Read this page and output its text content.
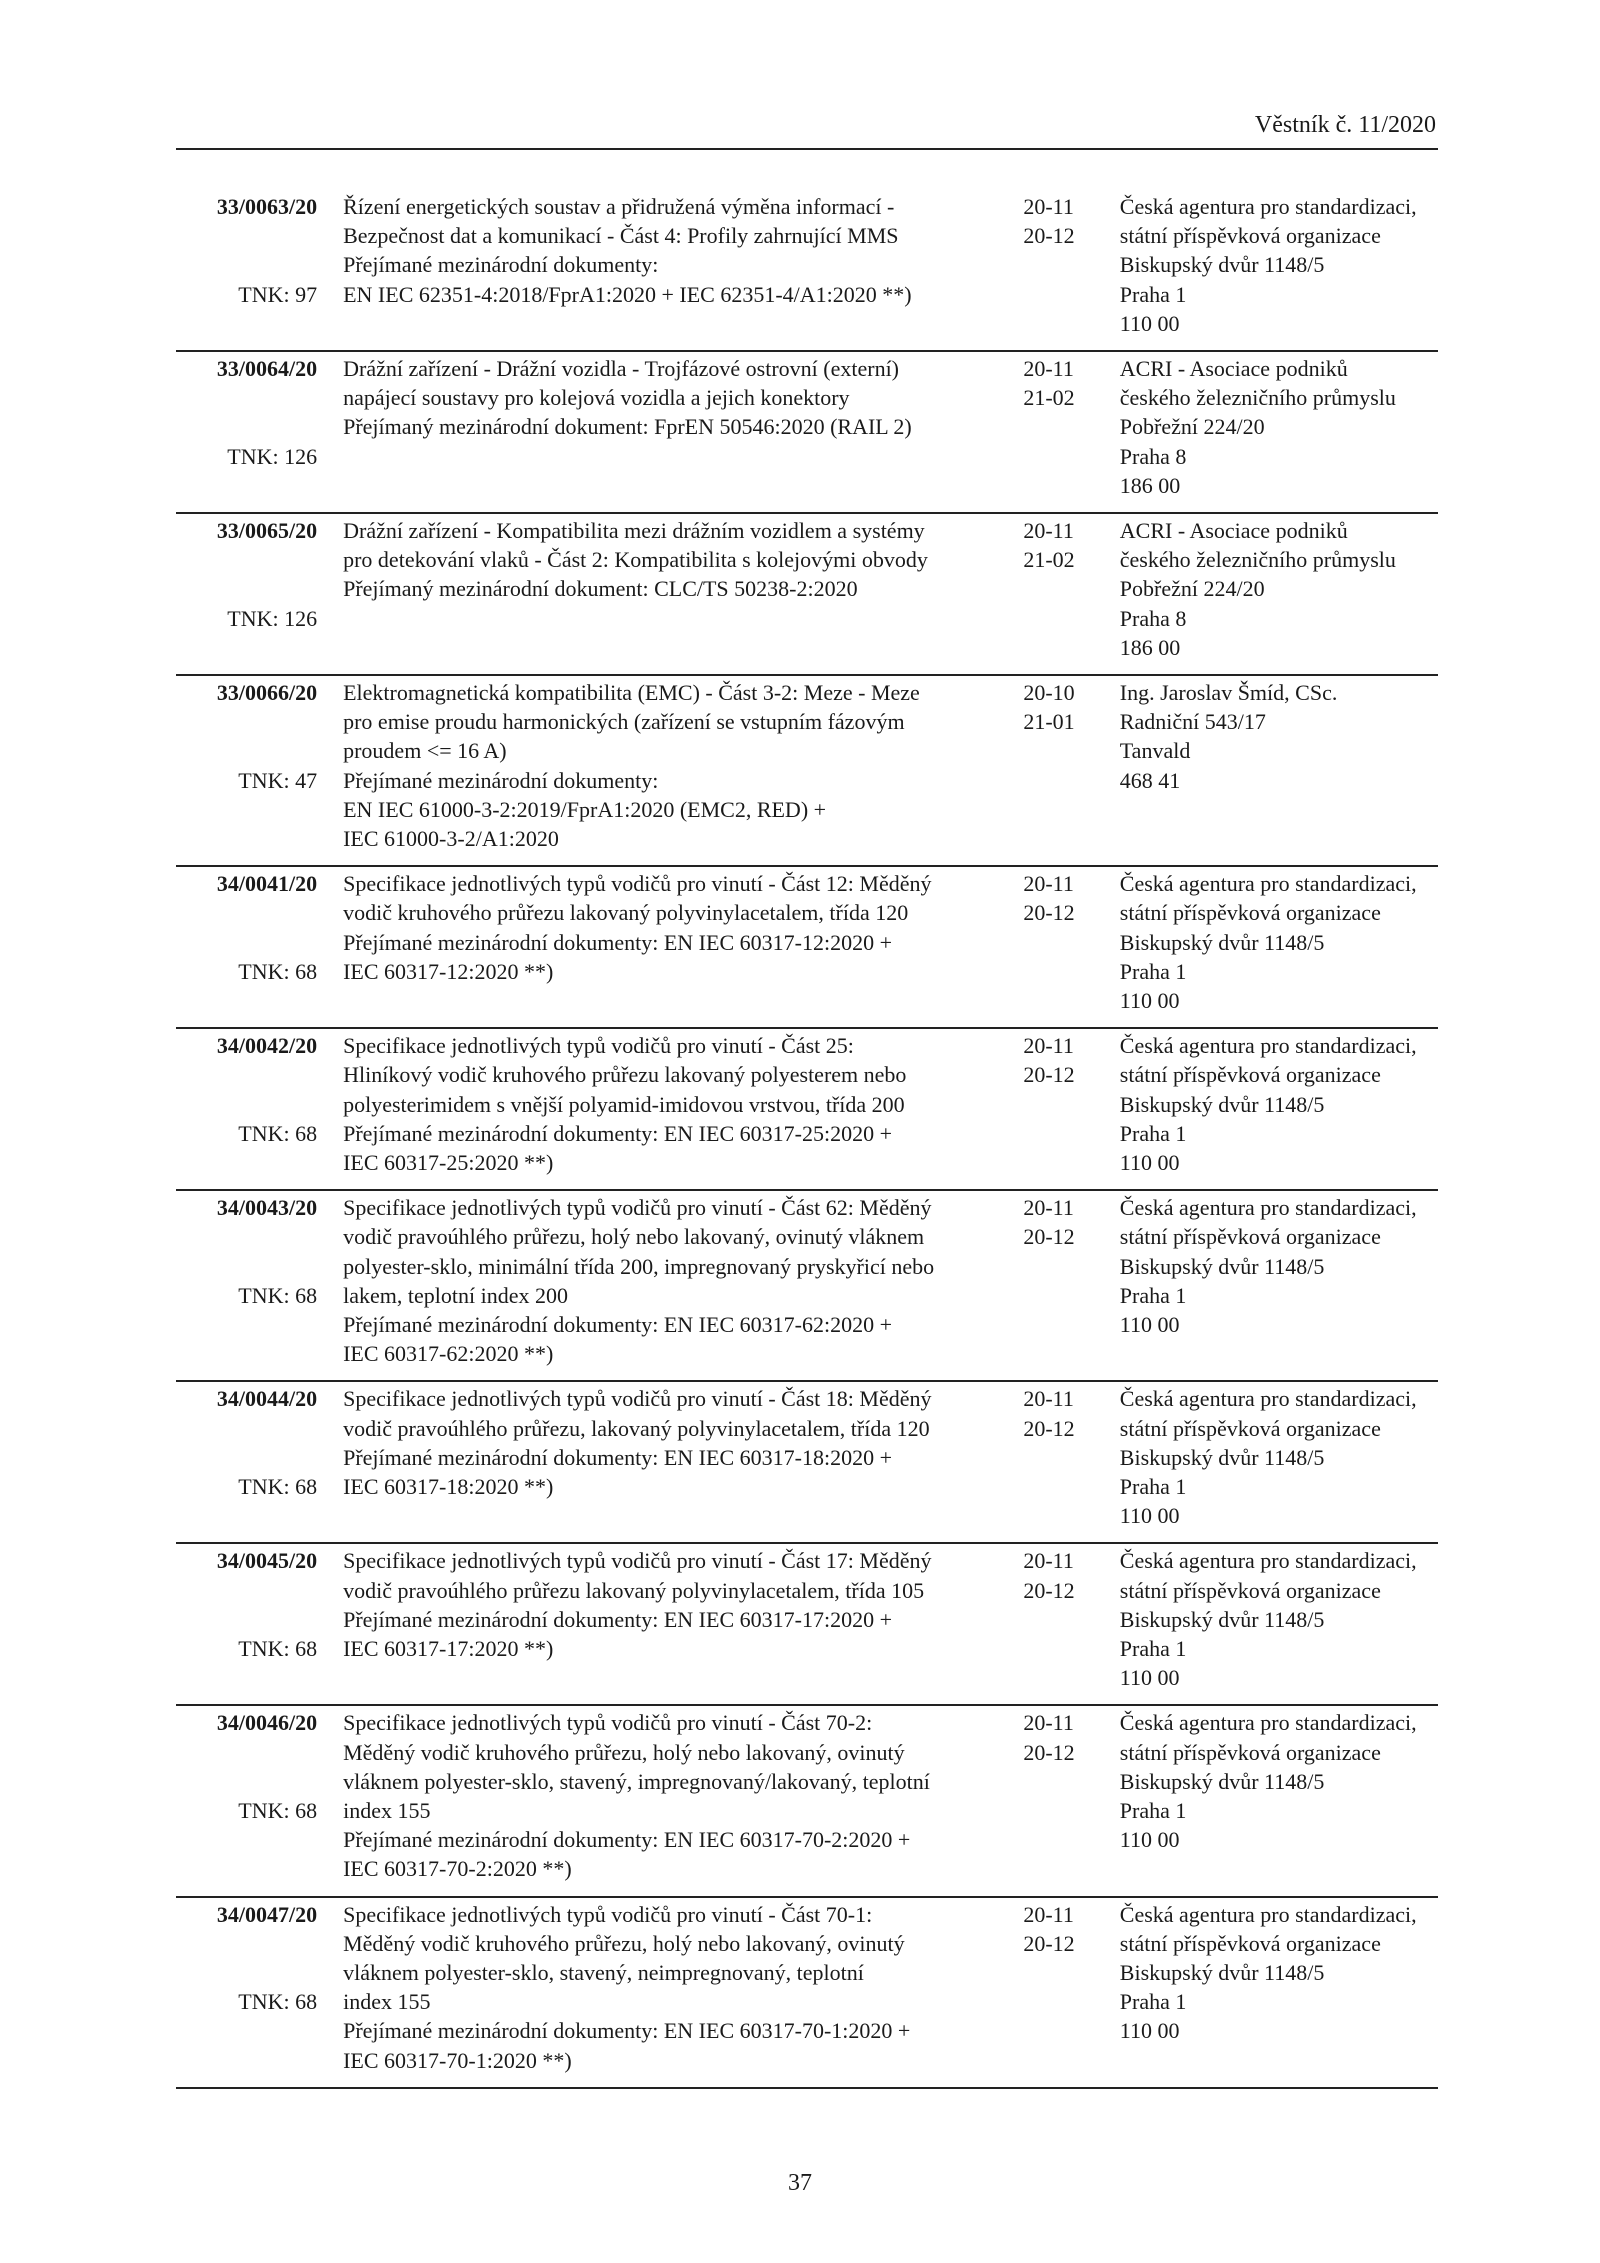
Věstník č. 11/2020
33/0063/20
TNK: 97
Řízení energetických soustav a přidružená výměna informací -
Bezpečnost dat a komunikací - Část 4: Profily zahrnující MMS
Přejímané mezinárodní dokumenty:
EN IEC 62351-4:2018/FprA1:2020 + IEC 62351-4/A1:2020 **)
20-11
20-12
Česká agentura pro standardizaci,
státní příspěvková organizace
Biskupský dvůr 1148/5
Praha 1
110 00
33/0064/20
TNK: 126
Drážní zařízení - Drážní vozidla - Trojfázové ostrovní (externí)
napájecí soustavy pro kolejová vozidla a jejich konektory
Přejímaný mezinárodní dokument: FprEN 50546:2020 (RAIL 2)
20-11
21-02
ACRI - Asociace podniků
českého železničního průmyslu
Pobřežní 224/20
Praha 8
186 00
33/0065/20
TNK: 126
Drážní zařízení - Kompatibilita mezi drážním vozidlem a systémy
pro detekování vlaků - Část 2: Kompatibilita s kolejovými obvody
Přejímaný mezinárodní dokument: CLC/TS 50238-2:2020
20-11
21-02
ACRI - Asociace podniků
českého železničního průmyslu
Pobřežní 224/20
Praha 8
186 00
33/0066/20
TNK: 47
Elektromagnetická kompatibilita (EMC) - Část 3-2: Meze - Meze
pro emise proudu harmonických (zařízení se vstupním fázovým
proudem <= 16 A)
Přejímané mezinárodní dokumenty:
EN IEC 61000-3-2:2019/FprA1:2020 (EMC2, RED) +
IEC 61000-3-2/A1:2020
20-10
21-01
Ing. Jaroslav Šmíd, CSc.
Radniční 543/17
Tanvald
468 41
34/0041/20
TNK: 68
Specifikace jednotlivých typů vodičů pro vinutí - Část 12: Měděný
vodič kruhového průřezu lakovaný polyvinylacetalem, třída 120
Přejímané mezinárodní dokumenty: EN IEC 60317-12:2020 +
IEC 60317-12:2020 **)
20-11
20-12
Česká agentura pro standardizaci,
státní příspěvková organizace
Biskupský dvůr 1148/5
Praha 1
110 00
34/0042/20
TNK: 68
Specifikace jednotlivých typů vodičů pro vinutí - Část 25:
Hliníkový vodič kruhového průřezu lakovaný polyesterem nebo
polyesterimidem s vnější polyamid-imidovou vrstvou, třída 200
Přejímané mezinárodní dokumenty: EN IEC 60317-25:2020 +
IEC 60317-25:2020 **)
20-11
20-12
Česká agentura pro standardizaci,
státní příspěvková organizace
Biskupský dvůr 1148/5
Praha 1
110 00
34/0043/20
TNK: 68
Specifikace jednotlivých typů vodičů pro vinutí - Část 62: Měděný
vodič pravoúhlého průřezu, holý nebo lakovaný, ovinutý vláknem
polyester-sklo, minimální třída 200, impregnovaný pryskyřicí nebo
lakem, teplotní index 200
Přejímané mezinárodní dokumenty: EN IEC 60317-62:2020 +
IEC 60317-62:2020 **)
20-11
20-12
Česká agentura pro standardizaci,
státní příspěvková organizace
Biskupský dvůr 1148/5
Praha 1
110 00
34/0044/20
TNK: 68
Specifikace jednotlivých typů vodičů pro vinutí - Část 18: Měděný
vodič pravoúhlého průřezu, lakovaný polyvinylacetalem, třída 120
Přejímané mezinárodní dokumenty: EN IEC 60317-18:2020 +
IEC 60317-18:2020 **)
20-11
20-12
Česká agentura pro standardizaci,
státní příspěvková organizace
Biskupský dvůr 1148/5
Praha 1
110 00
34/0045/20
TNK: 68
Specifikace jednotlivých typů vodičů pro vinutí - Část 17: Měděný
vodič pravoúhlého průřezu lakovaný polyvinylacetalem, třída 105
Přejímané mezinárodní dokumenty: EN IEC 60317-17:2020 +
IEC 60317-17:2020 **)
20-11
20-12
Česká agentura pro standardizaci,
státní příspěvková organizace
Biskupský dvůr 1148/5
Praha 1
110 00
34/0046/20
TNK: 68
Specifikace jednotlivých typů vodičů pro vinutí - Část 70-2:
Měděný vodič kruhového průřezu, holý nebo lakovaný, ovinutý
vláknem polyester-sklo, stavený, impregnovaný/lakovaný, teplotní
index 155
Přejímané mezinárodní dokumenty: EN IEC 60317-70-2:2020 +
IEC 60317-70-2:2020 **)
20-11
20-12
Česká agentura pro standardizaci,
státní příspěvková organizace
Biskupský dvůr 1148/5
Praha 1
110 00
34/0047/20
TNK: 68
Specifikace jednotlivých typů vodičů pro vinutí - Část 70-1:
Měděný vodič kruhového průřezu, holý nebo lakovaný, ovinutý
vláknem polyester-sklo, stavený, neimpregnovaný, teplotní
index 155
Přejímané mezinárodní dokumenty: EN IEC 60317-70-1:2020 +
IEC 60317-70-1:2020 **)
20-11
20-12
Česká agentura pro standardizaci,
státní příspěvková organizace
Biskupský dvůr 1148/5
Praha 1
110 00
37
